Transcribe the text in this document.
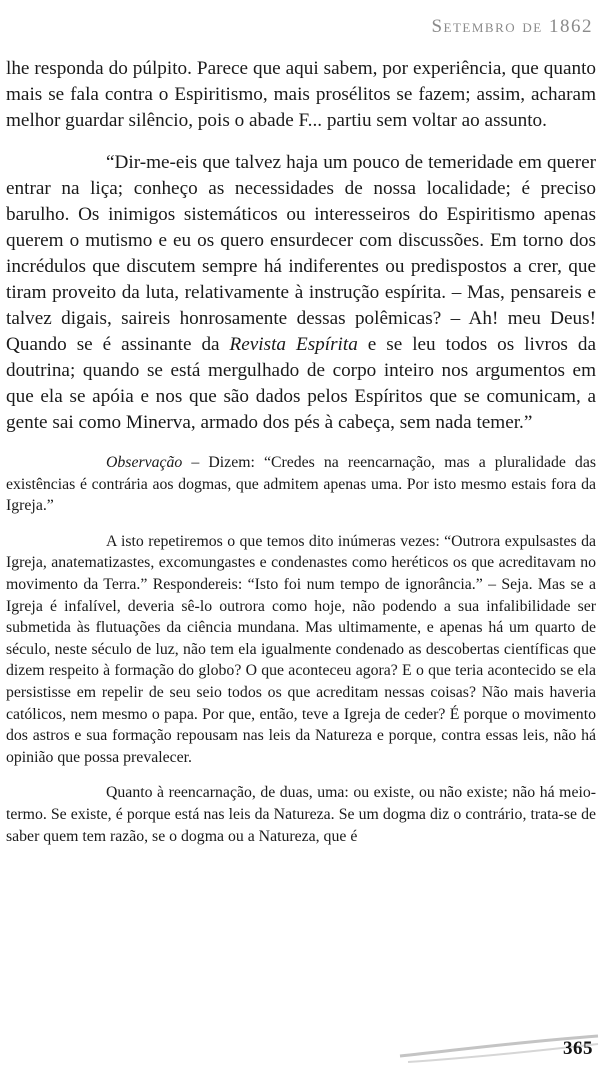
Setembro de 1862

lhe responda do púlpito. Parece que aqui sabem, por experiência, que quanto mais se fala contra o Espiritismo, mais prosélitos se fazem; assim, acharam melhor guardar silêncio, pois o abade F... partiu sem voltar ao assunto.

“Dir-me-eis que talvez haja um pouco de temeridade em querer entrar na liça; conheço as necessidades de nossa localidade; é preciso barulho. Os inimigos sistemáticos ou interesseiros do Espiritismo apenas querem o mutismo e eu os quero ensurdecer com discussões. Em torno dos incrédulos que discutem sempre há indiferentes ou predispostos a crer, que tiram proveito da luta, relativamente à instrução espírita. – Mas, pensareis e talvez digais, saireis honrosamente dessas polêmicas? – Ah! meu Deus! Quando se é assinante da Revista Espírita e se leu todos os livros da doutrina; quando se está mergulhado de corpo inteiro nos argumentos em que ela se apóia e nos que são dados pelos Espíritos que se comunicam, a gente sai como Minerva, armado dos pés à cabeça, sem nada temer.”

Observação – Dizem: “Credes na reencarnação, mas a pluralidade das existências é contrária aos dogmas, que admitem apenas uma. Por isto mesmo estais fora da Igreja.”

A isto repetiremos o que temos dito inúmeras vezes: “Outrora expulsastes da Igreja, anatematizastes, excomungastes e condenastes como heréticos os que acreditavam no movimento da Terra.” Respondereis: “Isto foi num tempo de ignorância.” – Seja. Mas se a Igreja é infalível, deveria sê-lo outrora como hoje, não podendo a sua infalibilidade ser submetida às flutuações da ciência mundana. Mas ultimamente, e apenas há um quarto de século, neste século de luz, não tem ela igualmente condenado as descobertas científicas que dizem respeito à formação do globo? O que aconteceu agora? E o que teria acontecido se ela persistisse em repelir de seu seio todos os que acreditam nessas coisas? Não mais haveria católicos, nem mesmo o papa. Por que, então, teve a Igreja de ceder? É porque o movimento dos astros e sua formação repousam nas leis da Natureza e porque, contra essas leis, não há opinião que possa prevalecer.

Quanto à reencarnação, de duas, uma: ou existe, ou não existe; não há meio-termo. Se existe, é porque está nas leis da Natureza. Se um dogma diz o contrário, trata-se de saber quem tem razão, se o dogma ou a Natureza, que é

365
